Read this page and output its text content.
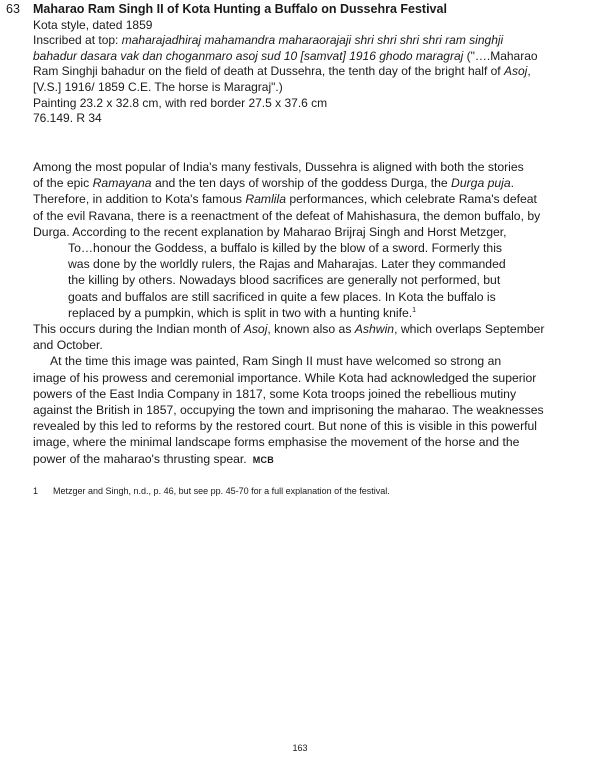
63 Maharao Ram Singh II of Kota Hunting a Buffalo on Dussehra Festival
Kota style, dated 1859
Inscribed at top: maharajadhiraj mahamandra maharaorajaji shri shri shri shri ram singhji
bahadur dasara vak dan choganmaro asoj sud 10 [samvat] 1916 ghodo maragraj ("….Maharao
Ram Singhji bahadur on the field of death at Dussehra, the tenth day of the bright half of Asoj,
[V.S.] 1916/ 1859 C.E. The horse is Maragraj".)
Painting 23.2 x 32.8 cm, with red border 27.5 x 37.6 cm
76.149. R 34
Among the most popular of India's many festivals, Dussehra is aligned with both the stories
of the epic Ramayana and the ten days of worship of the goddess Durga, the Durga puja.
Therefore, in addition to Kota's famous Ramlila performances, which celebrate Rama's defeat
of the evil Ravana, there is a reenactment of the defeat of Mahishasura, the demon buffalo, by
Durga. According to the recent explanation by Maharao Brijraj Singh and Horst Metzger,
To…honour the Goddess, a buffalo is killed by the blow of a sword. Formerly this
was done by the worldly rulers, the Rajas and Maharajas. Later they commanded
the killing by others. Nowadays blood sacrifices are generally not performed, but
goats and buffalos are still sacrificed in quite a few places. In Kota the buffalo is
replaced by a pumpkin, which is split in two with a hunting knife.$^1$
This occurs during the Indian month of Asoj, known also as Ashwin, which overlaps September
and October.
At the time this image was painted, Ram Singh II must have welcomed so strong an
image of his prowess and ceremonial importance. While Kota had acknowledged the superior
powers of the East India Company in 1817, some Kota troops joined the rebellious mutiny
against the British in 1857, occupying the town and imprisoning the maharao. The weaknesses
revealed by this led to reforms by the restored court. But none of this is visible in this powerful
image, where the minimal landscape forms emphasise the movement of the horse and the
power of the maharao's thrusting spear. MCB
1 Metzger and Singh, n.d., p. 46, but see pp. 45-70 for a full explanation of the festival.
163
